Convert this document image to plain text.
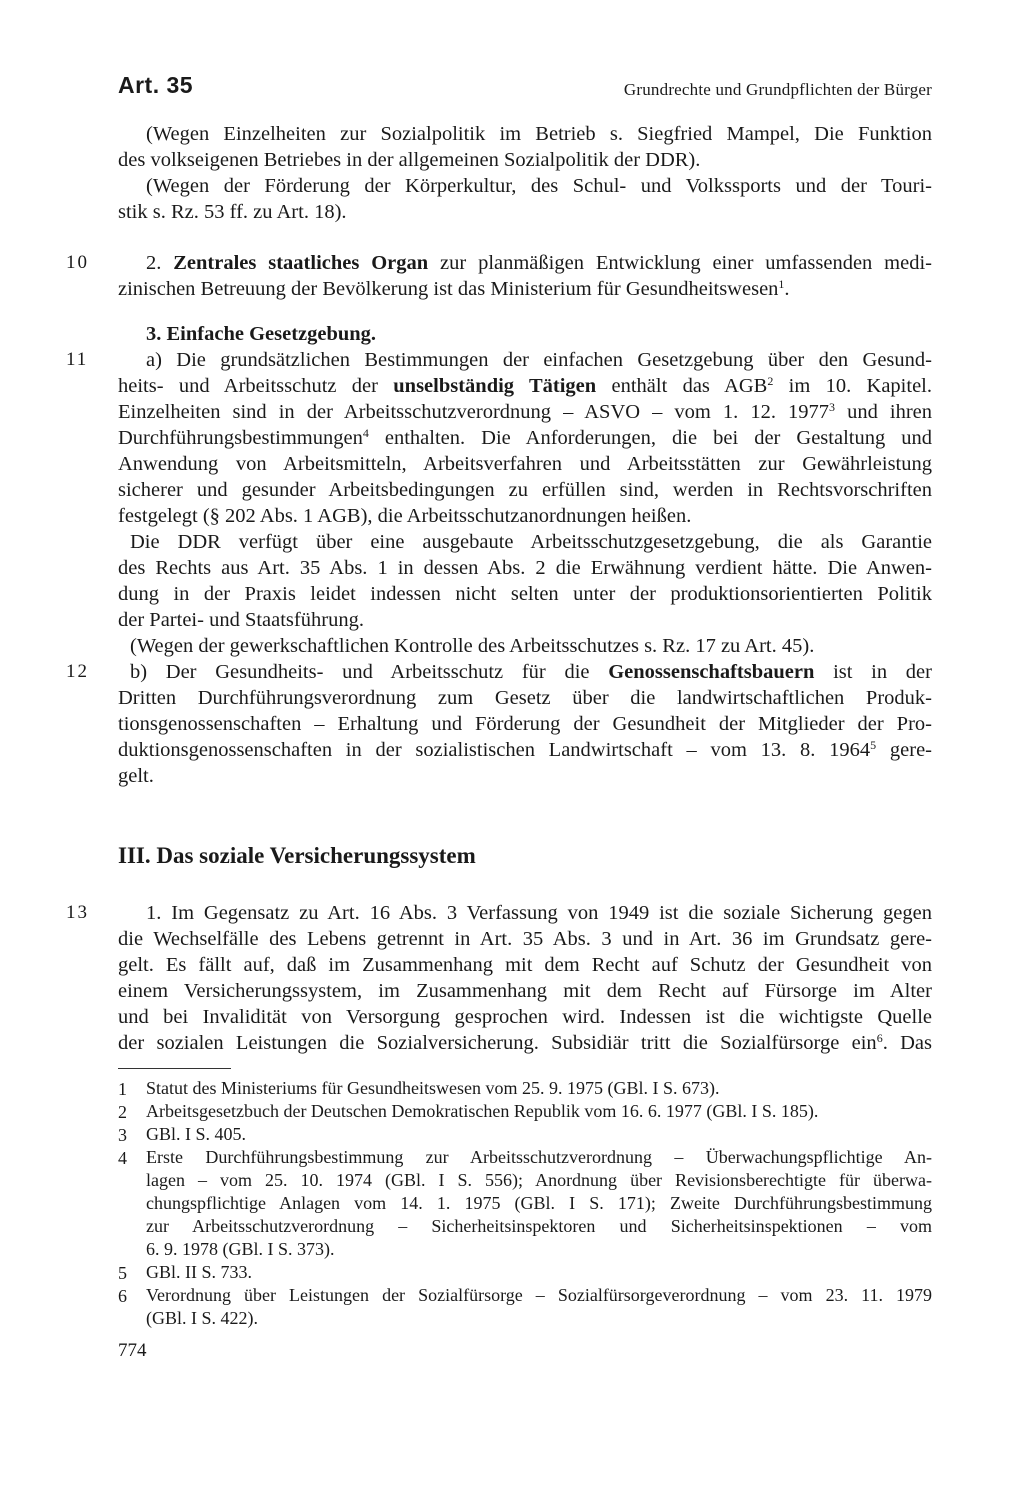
Art. 35	Grundrechte und Grundpflichten der Bürger
(Wegen Einzelheiten zur Sozialpolitik im Betrieb s. Siegfried Mampel, Die Funktion
des volkseigenen Betriebes in der allgemeinen Sozialpolitik der DDR).
(Wegen der Förderung der Körperkultur, des Schul- und Volkssports und der Touri-
stik s. Rz. 53 ff. zu Art. 18).
10	2. Zentrales staatliches Organ zur planmäßigen Entwicklung einer umfassenden medi-
zinischen Betreuung der Bevölkerung ist das Ministerium für Gesundheitswesen$^1$.
3. Einfache Gesetzgebung.
11	a) Die grundsätzlichen Bestimmungen der einfachen Gesetzgebung über den Gesund-
heits- und Arbeitsschutz der unselbständig Tätigen enthält das AGB$^2$ im 10. Kapitel.
Einzelheiten sind in der Arbeitsschutzverordnung – ASVO – vom 1. 12. 1977$^3$ und ihren
Durchführungsbestimmungen$^4$ enthalten. Die Anforderungen, die bei der Gestaltung und
Anwendung von Arbeitsmitteln, Arbeitsverfahren und Arbeitsstätten zur Gewährleistung
sicherer und gesunder Arbeitsbedingungen zu erfüllen sind, werden in Rechtsvorschriften
festgelegt (§ 202 Abs. 1 AGB), die Arbeitsschutzanordnungen heißen.
Die DDR verfügt über eine ausgebaute Arbeitsschutzgesetzgebung, die als Garantie
des Rechts aus Art. 35 Abs. 1 in dessen Abs. 2 die Erwähnung verdient hätte. Die Anwen-
dung in der Praxis leidet indessen nicht selten unter der produktionsorientierten Politik
der Partei- und Staatsführung.
(Wegen der gewerkschaftlichen Kontrolle des Arbeitsschutzes s. Rz. 17 zu Art. 45).
12 b) Der Gesundheits- und Arbeitsschutz für die Genossenschaftsbauern ist in der
Dritten Durchführungsverordnung zum Gesetz über die landwirtschaftlichen Produk-
tionsgenossenschaften – Erhaltung und Förderung der Gesundheit der Mitglieder der Pro-
duktionsgenossenschaften in der sozialistischen Landwirtschaft – vom 13. 8. 1964$^5$ gere-
gelt.
III. Das soziale Versicherungssystem
13	1. Im Gegensatz zu Art. 16 Abs. 3 Verfassung von 1949 ist die soziale Sicherung gegen
die Wechselfälle des Lebens getrennt in Art. 35 Abs. 3 und in Art. 36 im Grundsatz gere-
gelt. Es fällt auf, daß im Zusammenhang mit dem Recht auf Schutz der Gesundheit von
einem Versicherungssystem, im Zusammenhang mit dem Recht auf Fürsorge im Alter
und bei Invalidität von Versorgung gesprochen wird. Indessen ist die wichtigste Quelle
der sozialen Leistungen die Sozialversicherung. Subsidiär tritt die Sozialfürsorge ein$^6$. Das
1 Statut des Ministeriums für Gesundheitswesen vom 25. 9. 1975 (GBl. I S. 673).
2 Arbeitsgesetzbuch der Deutschen Demokratischen Republik vom 16. 6. 1977 (GBl. I S. 185).
3 GBl. I S. 405.
4 Erste Durchführungsbestimmung zur Arbeitsschutzverordnung – Überwachungspflichtige An-
lagen – vom 25. 10. 1974 (GBl. I S. 556); Anordnung über Revisionsberechtigte für überwa-
chungspflichtige Anlagen vom 14. 1. 1975 (GBl. I S. 171); Zweite Durchführungsbestimmung
zur Arbeitsschutzverordnung – Sicherheitsinspektoren und Sicherheitsinspektionen – vom
6. 9. 1978 (GBl. I S. 373).
5 GBl. II S. 733.
6 Verordnung über Leistungen der Sozialfürsorge – Sozialfürsorgeverordnung – vom 23. 11. 1979
(GBl. I S. 422).
774
